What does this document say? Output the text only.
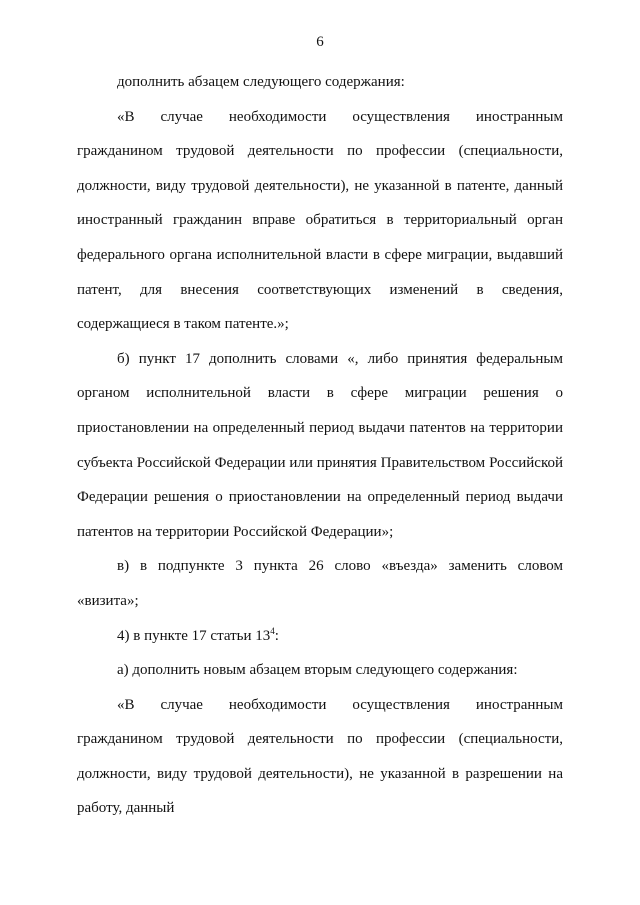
6

дополнить абзацем следующего содержания:

«В случае необходимости осуществления иностранным гражданином трудовой деятельности по профессии (специальности, должности, виду трудовой деятельности), не указанной в патенте, данный иностранный гражданин вправе обратиться в территориальный орган федерального органа исполнительной власти в сфере миграции, выдавший патент, для внесения соответствующих изменений в сведения, содержащиеся в таком патенте.»;

б) пункт 17 дополнить словами «, либо принятия федеральным органом исполнительной власти в сфере миграции решения о приостановлении на определенный период выдачи патентов на территории субъекта Российской Федерации или принятия Правительством Российской Федерации решения о приостановлении на определенный период выдачи патентов на территории Российской Федерации»;

в) в подпункте 3 пункта 26 слово «въезда» заменить словом «визита»;

4) в пункте 17 статьи $13^4$:

а) дополнить новым абзацем вторым следующего содержания:

«В случае необходимости осуществления иностранным гражданином трудовой деятельности по профессии (специальности, должности, виду трудовой деятельности), не указанной в разрешении на работу, данный
